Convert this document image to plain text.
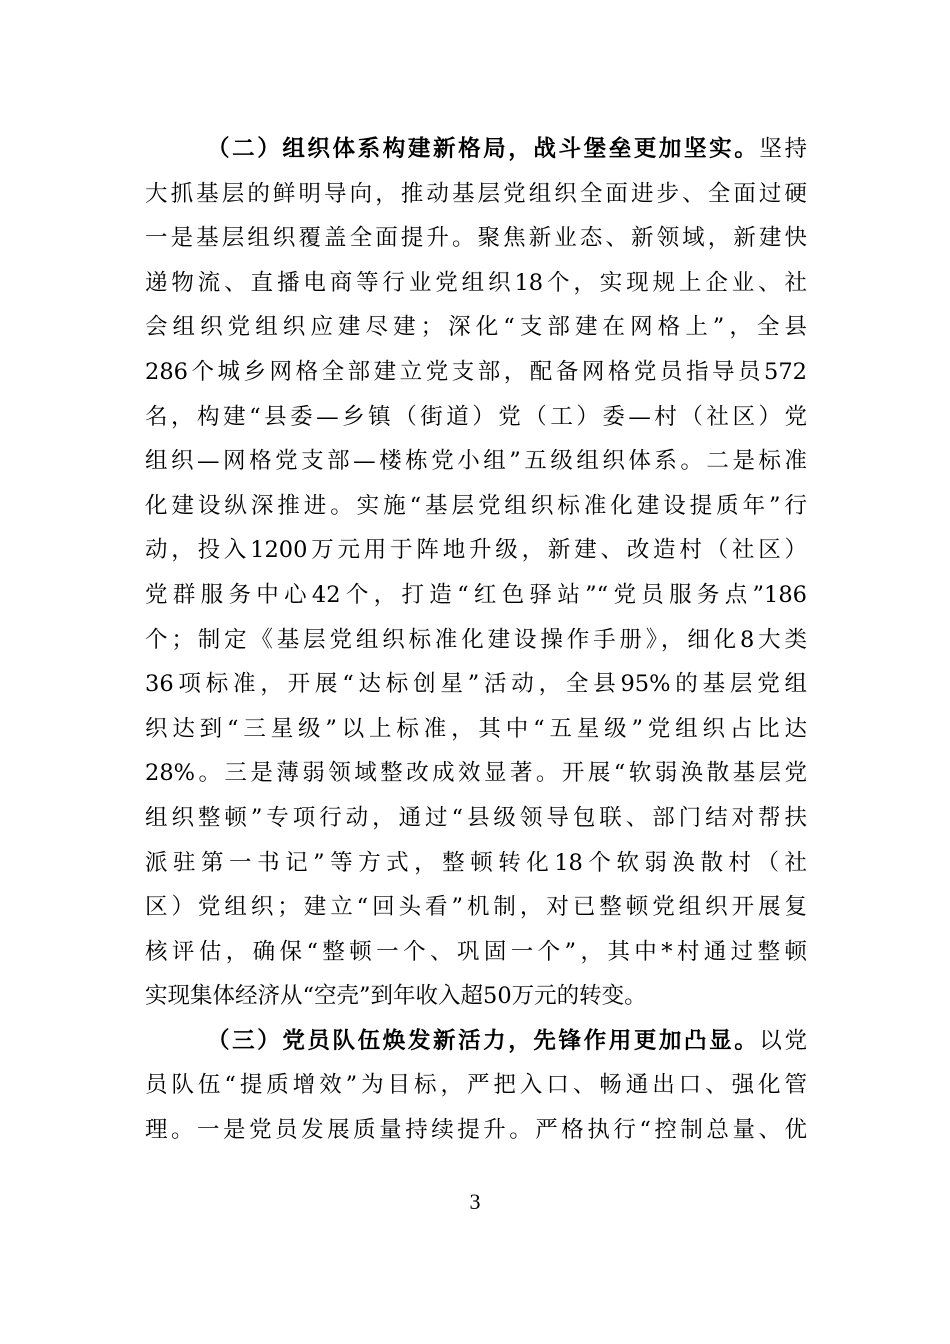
（二）组织体系构建新格局，战斗堡垒更加坚实。坚持
大抓基层的鲜明导向，推动基层党组织全面进步、全面过硬
一是基层组织覆盖全面提升。聚焦新业态、新领域，新建快
递物流、直播电商等行业党组织18个，实现规上企业、社
会组织党组织应建尽建；深化“支部建在网格上”，全县
286个城乡网格全部建立党支部，配备网格党员指导员572
名，构建“县委—乡镇（街道）党（工）委—村（社区）党
组织—网格党支部—楼栋党小组”五级组织体系。二是标准
化建设纵深推进。实施“基层党组织标准化建设提质年”行
动，投入1200万元用于阵地升级，新建、改造村（社区）
党群服务中心42个，打造“红色驿站”“党员服务点”186
个；制定《基层党组织标准化建设操作手册》，细化8大类
36项标准，开展“达标创星”活动，全县95%的基层党组
织达到“三星级”以上标准，其中“五星级”党组织占比达
28%。三是薄弱领域整改成效显著。开展“软弱涣散基层党
组织整顿”专项行动，通过“县级领导包联、部门结对帮扶
派驻第一书记”等方式，整顿转化18个软弱涣散村（社
区）党组织；建立“回头看”机制，对已整顿党组织开展复
核评估，确保“整顿一个、巩固一个”，其中*村通过整顿
实现集体经济从“空壳”到年收入超50万元的转变。
（三）党员队伍焕发新活力，先锋作用更加凸显。以党
员队伍“提质增效”为目标，严把入口、畅通出口、强化管
理。一是党员发展质量持续提升。严格执行“控制总量、优
3
